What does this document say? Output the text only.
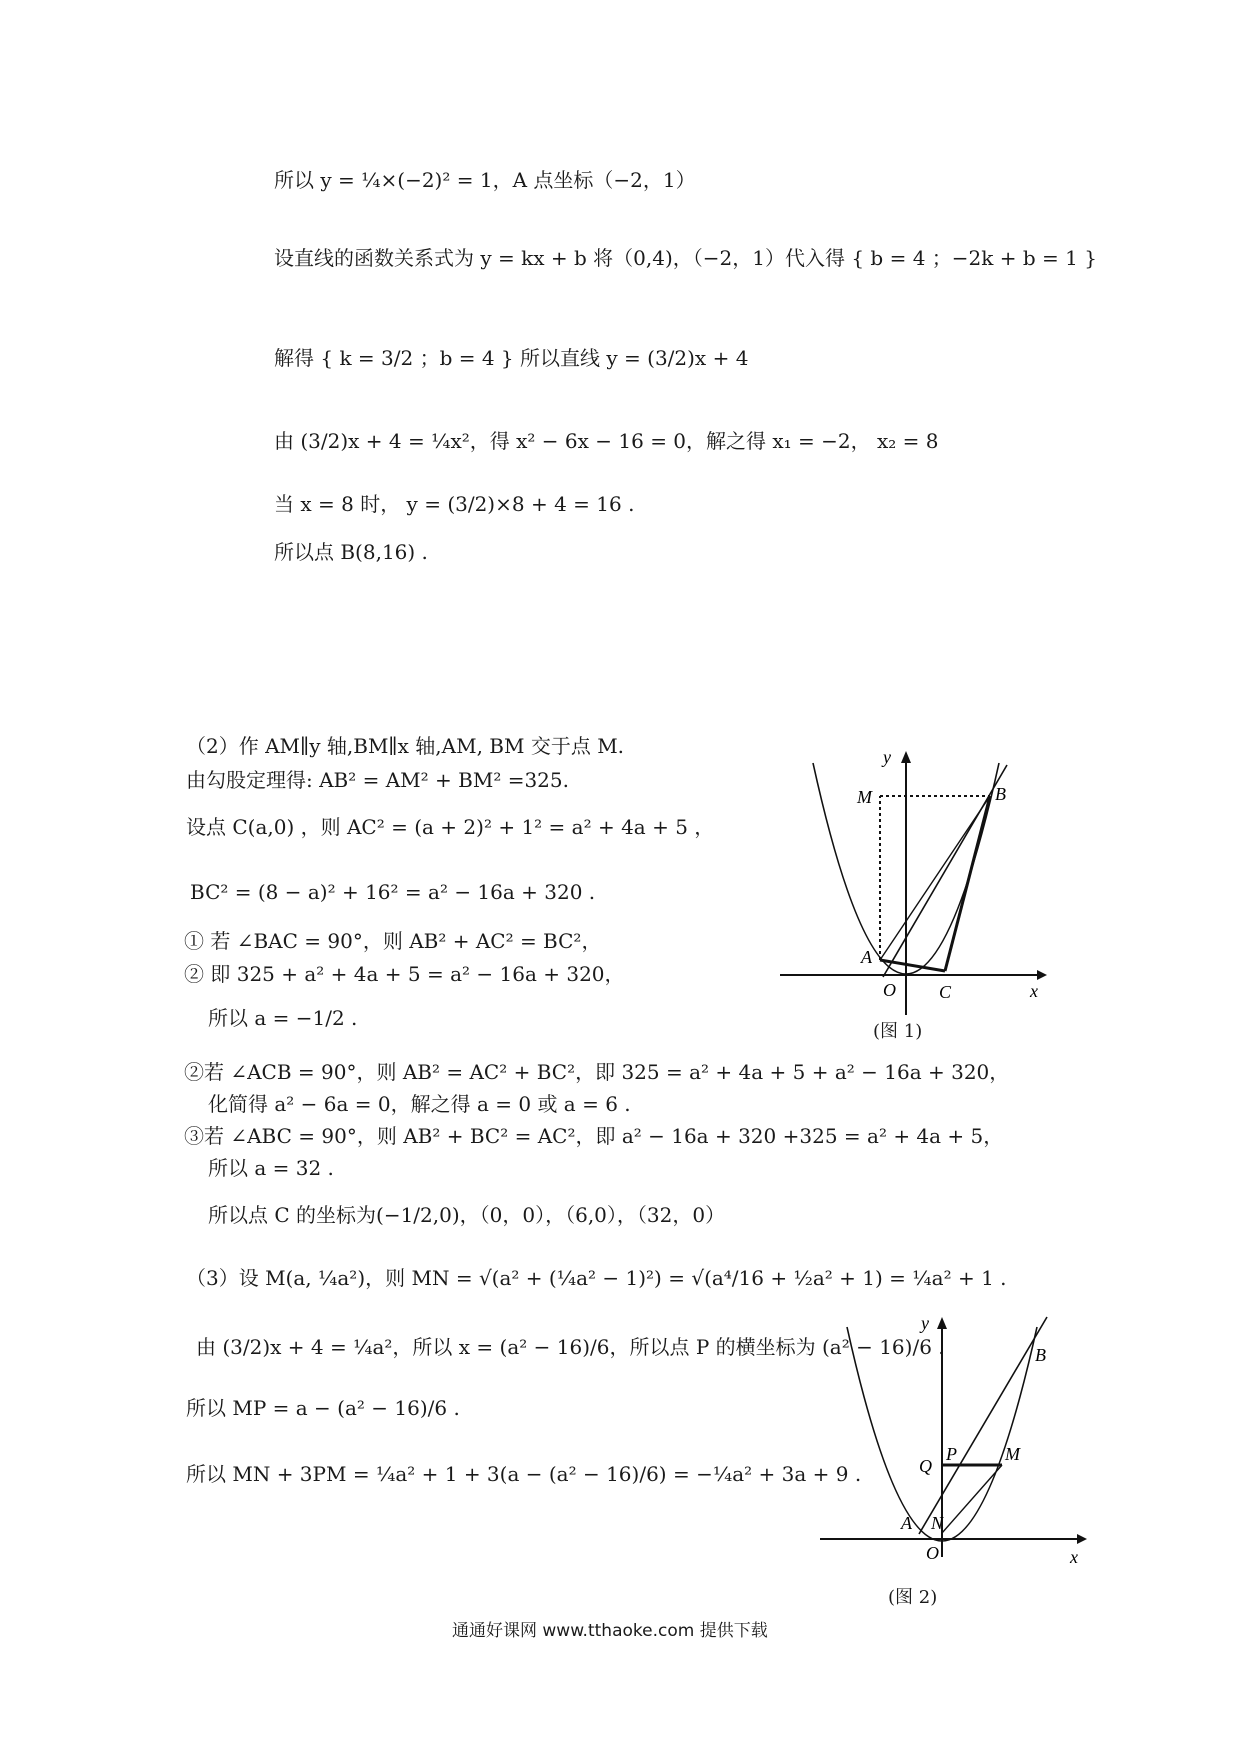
所以 y = ¼×(−2)² = 1，A 点坐标（−2，1）
设直线的函数关系式为 y = kx + b 将（0,4)，（−2，1）代入得 { b = 4 ；−2k + b = 1 }
解得 { k = 3/2 ；b = 4 } 所以直线 y = (3/2)x + 4
由 (3/2)x + 4 = ¼x²，得 x² − 6x − 16 = 0，解之得 x₁ = −2， x₂ = 8
当 x = 8 时， y = (3/2)×8 + 4 = 16 .
所以点 B(8,16) .
（2）作 AM∥y 轴,BM∥x 轴,AM, BM 交于点 M.
由勾股定理得: AB² = AM² + BM² =325.
设点 C(a,0) ，则 AC² = (a + 2)² + 1² = a² + 4a + 5 ，
BC² = (8 − a)² + 16² = a² − 16a + 320 .
① 若 ∠BAC = 90°，则 AB² + AC² = BC²，
② 即 325 + a² + 4a + 5 = a² − 16a + 320，
所以 a = −1/2 .
②若 ∠ACB = 90°，则 AB² = AC² + BC²，即 325 = a² + 4a + 5 + a² − 16a + 320，
化简得 a² − 6a = 0，解之得 a = 0 或 a = 6 .
③若 ∠ABC = 90°，则 AB² + BC² = AC²，即 a² − 16a + 320 +325 = a² + 4a + 5，
所以 a = 32 .
所以点 C 的坐标为(−1/2,0)，（0，0），（6,0），（32，0）
（3）设 M(a, ¼a²)，则 MN = √(a² + (¼a² − 1)²) = √(a⁴/16 + ½a² + 1) = ¼a² + 1 .
由 (3/2)x + 4 = ¼a²，所以 x = (a² − 16)/6，所以点 P 的横坐标为 (a² − 16)/6 .
所以 MP = a − (a² − 16)/6 .
所以 MN + 3PM = ¼a² + 1 + 3(a − (a² − 16)/6) = −¼a² + 3a + 9 .
y
x
M	B
A
O C
(图 1)
y
x
B
Q
P	M
A N
O
(图 2)
通通好课网 www.tthaoke.com 提供下载
